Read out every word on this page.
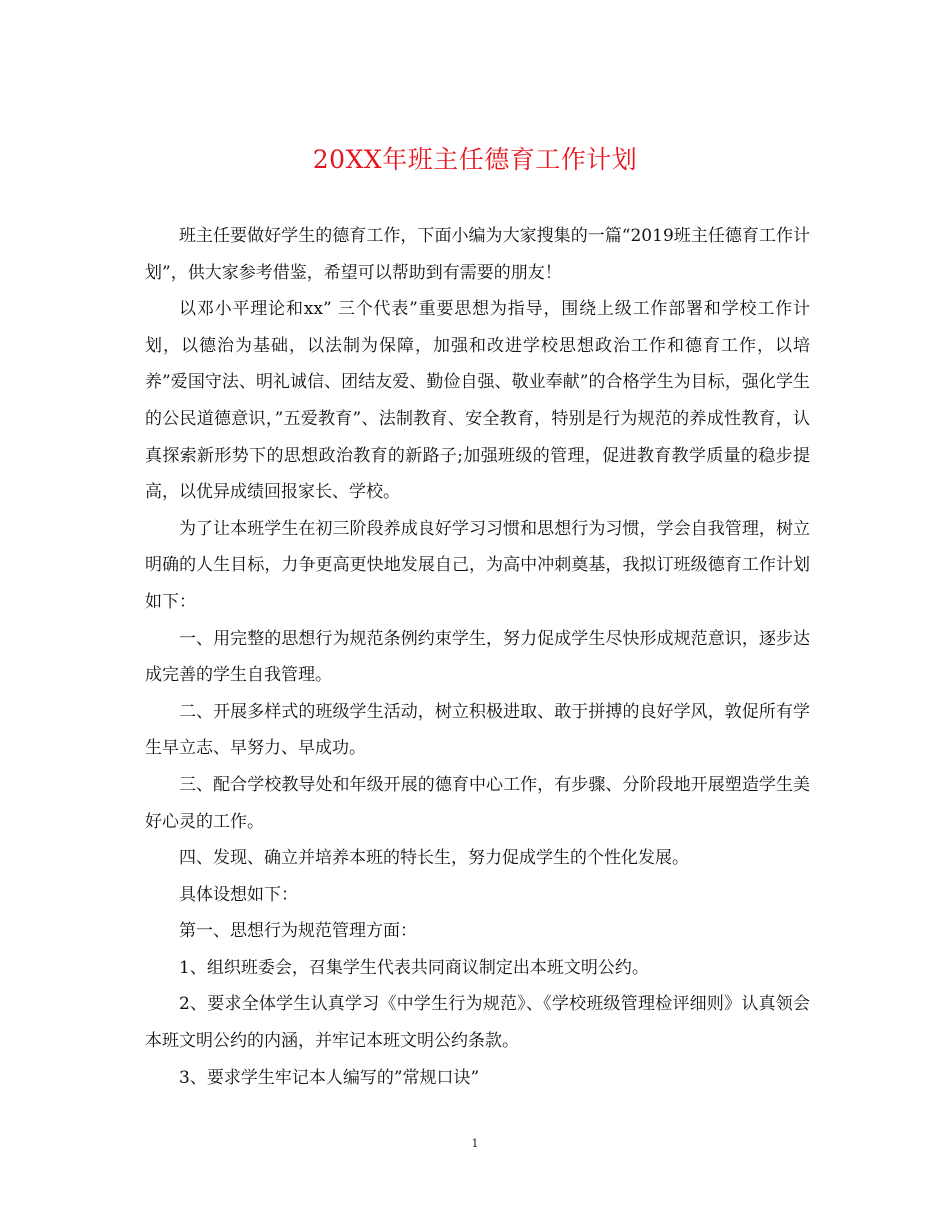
20XX年班主任德育工作计划

班主任要做好学生的德育工作，下面小编为大家搜集的一篇“2019班主任德育工作计划”，供大家参考借鉴，希望可以帮助到有需要的朋友！

以邓小平理论和xx” 三个代表”重要思想为指导，围绕上级工作部署和学校工作计划，以德治为基础，以法制为保障，加强和改进学校思想政治工作和德育工作，以培养”爱国守法、明礼诚信、团结友爱、勤俭自强、敬业奉献”的合格学生为目标，强化学生的公民道德意识，”五爱教育”、法制教育、安全教育，特别是行为规范的养成性教育，认真探索新形势下的思想政治教育的新路子;加强班级的管理，促进教育教学质量的稳步提高，以优异成绩回报家长、学校。

为了让本班学生在初三阶段养成良好学习习惯和思想行为习惯，学会自我管理，树立明确的人生目标，力争更高更快地发展自己，为高中冲刺奠基，我拟订班级德育工作计划如下：

一、用完整的思想行为规范条例约束学生，努力促成学生尽快形成规范意识，逐步达成完善的学生自我管理。

二、开展多样式的班级学生活动，树立积极进取、敢于拼搏的良好学风，敦促所有学生早立志、早努力、早成功。

三、配合学校教导处和年级开展的德育中心工作，有步骤、分阶段地开展塑造学生美好心灵的工作。

四、发现、确立并培养本班的特长生，努力促成学生的个性化发展。

具体设想如下：

第一、思想行为规范管理方面：

1、组织班委会，召集学生代表共同商议制定出本班文明公约。

2、要求全体学生认真学习《中学生行为规范》、《学校班级管理检评细则》认真领会本班文明公约的内涵，并牢记本班文明公约条款。

3、要求学生牢记本人编写的”常规口诀”

1
